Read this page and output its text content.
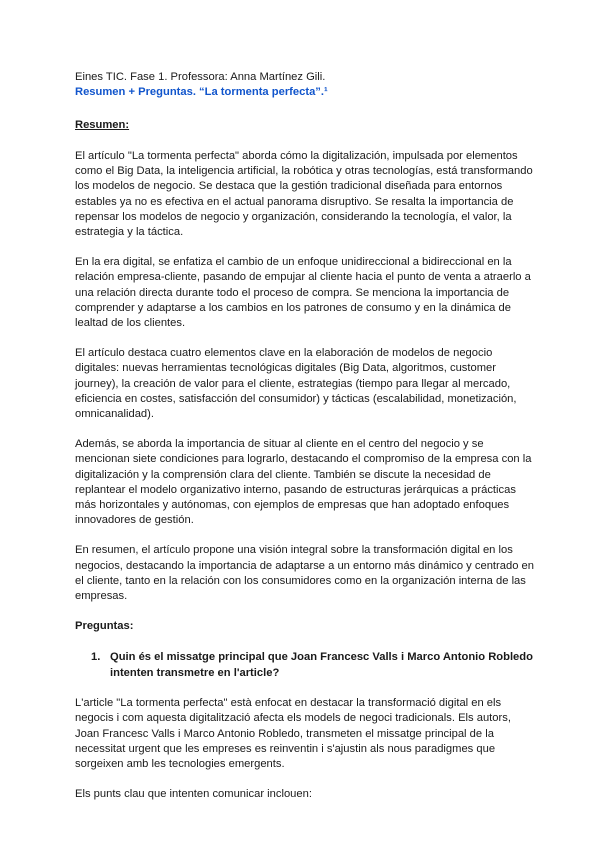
Eines TIC. Fase 1. Professora: Anna Martínez Gili.

Resumen + Preguntas. “La tormenta perfecta”.¹

Resumen:

El artículo "La tormenta perfecta" aborda cómo la digitalización, impulsada por elementos como el Big Data, la inteligencia artificial, la robótica y otras tecnologías, está transformando los modelos de negocio. Se destaca que la gestión tradicional diseñada para entornos estables ya no es efectiva en el actual panorama disruptivo. Se resalta la importancia de repensar los modelos de negocio y organización, considerando la tecnología, el valor, la estrategia y la táctica.

En la era digital, se enfatiza el cambio de un enfoque unidireccional a bidireccional en la relación empresa-cliente, pasando de empujar al cliente hacia el punto de venta a atraerlo a una relación directa durante todo el proceso de compra. Se menciona la importancia de comprender y adaptarse a los cambios en los patrones de consumo y en la dinámica de lealtad de los clientes.

El artículo destaca cuatro elementos clave en la elaboración de modelos de negocio digitales: nuevas herramientas tecnológicas digitales (Big Data, algoritmos, customer journey), la creación de valor para el cliente, estrategias (tiempo para llegar al mercado, eficiencia en costes, satisfacción del consumidor) y tácticas (escalabilidad, monetización, omnicanalidad).

Además, se aborda la importancia de situar al cliente en el centro del negocio y se mencionan siete condiciones para lograrlo, destacando el compromiso de la empresa con la digitalización y la comprensión clara del cliente. También se discute la necesidad de replantear el modelo organizativo interno, pasando de estructuras jerárquicas a prácticas más horizontales y autónomas, con ejemplos de empresas que han adoptado enfoques innovadores de gestión.

En resumen, el artículo propone una visión integral sobre la transformación digital en los negocios, destacando la importancia de adaptarse a un entorno más dinámico y centrado en el cliente, tanto en la relación con los consumidores como en la organización interna de las empresas.

Preguntas:

1. Quin és el missatge principal que Joan Francesc Valls i Marco Antonio Robledo intenten transmetre en l'article?

L'article "La tormenta perfecta" està enfocat en destacar la transformació digital en els negocis i com aquesta digitalització afecta els models de negoci tradicionals. Els autors, Joan Francesc Valls i Marco Antonio Robledo, transmeten el missatge principal de la necessitat urgent que les empreses es reinventin i s'ajustin als nous paradigmes que sorgeixen amb les tecnologies emergents.

Els punts clau que intenten comunicar inclouen:
